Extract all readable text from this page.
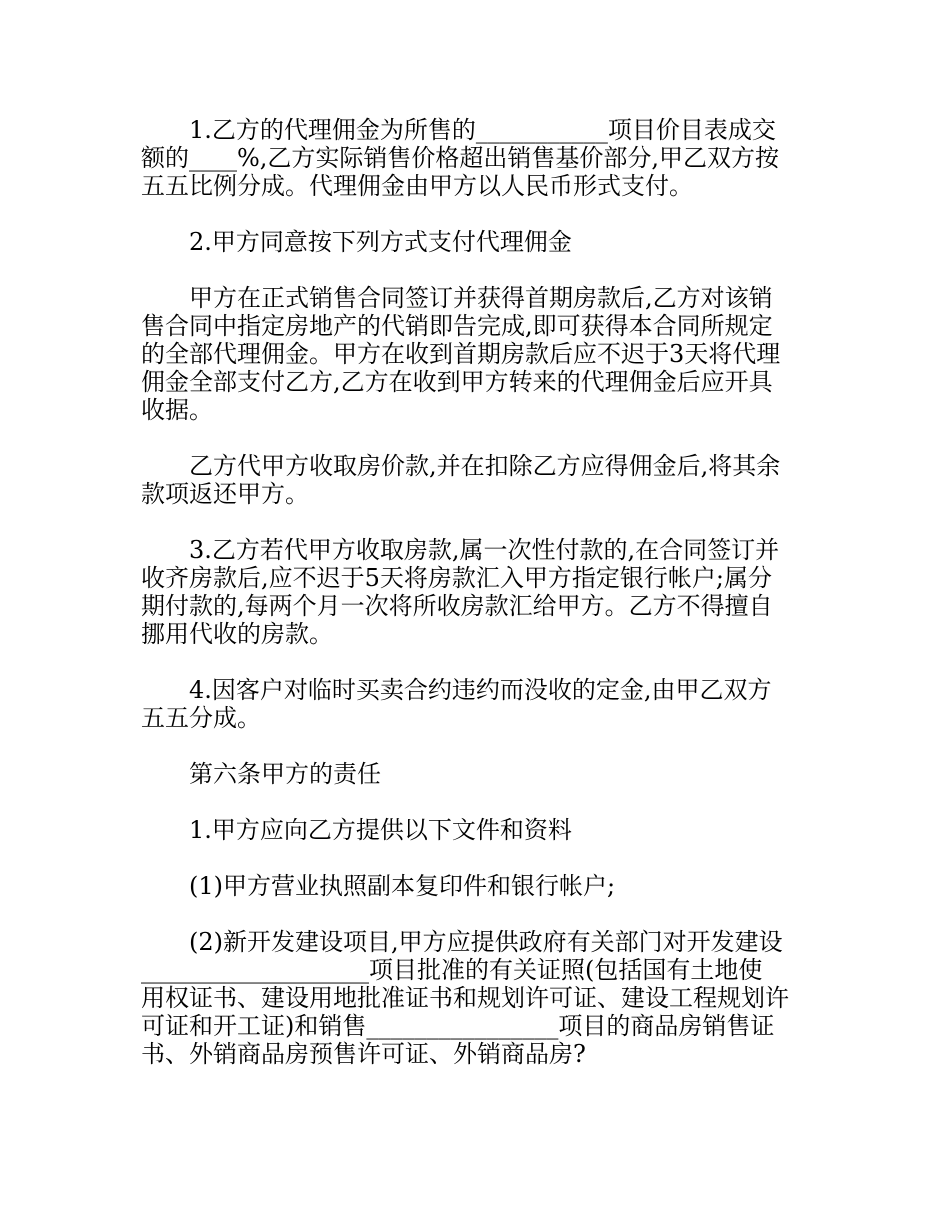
1.乙方的代理佣金为所售的___________项目价目表成交
额的____%,乙方实际销售价格超出销售基价部分,甲乙双方按
五五比例分成。代理佣金由甲方以人民币形式支付。
2.甲方同意按下列方式支付代理佣金
甲方在正式销售合同签订并获得首期房款后,乙方对该销
售合同中指定房地产的代销即告完成,即可获得本合同所规定
的全部代理佣金。甲方在收到首期房款后应不迟于3天将代理
佣金全部支付乙方,乙方在收到甲方转来的代理佣金后应开具
收据。
乙方代甲方收取房价款,并在扣除乙方应得佣金后,将其余
款项返还甲方。
3.乙方若代甲方收取房款,属一次性付款的,在合同签订并
收齐房款后,应不迟于5天将房款汇入甲方指定银行帐户;属分
期付款的,每两个月一次将所收房款汇给甲方。乙方不得擅自
挪用代收的房款。
4.因客户对临时买卖合约违约而没收的定金,由甲乙双方
五五分成。
第六条甲方的责任
1.甲方应向乙方提供以下文件和资料
(1)甲方营业执照副本复印件和银行帐户;
(2)新开发建设项目,甲方应提供政府有关部门对开发建设
___________________项目批准的有关证照(包括国有土地使
用权证书、建设用地批准证书和规划许可证、建设工程规划许
可证和开工证)和销售________________项目的商品房销售证
书、外销商品房预售许可证、外销商品房?
